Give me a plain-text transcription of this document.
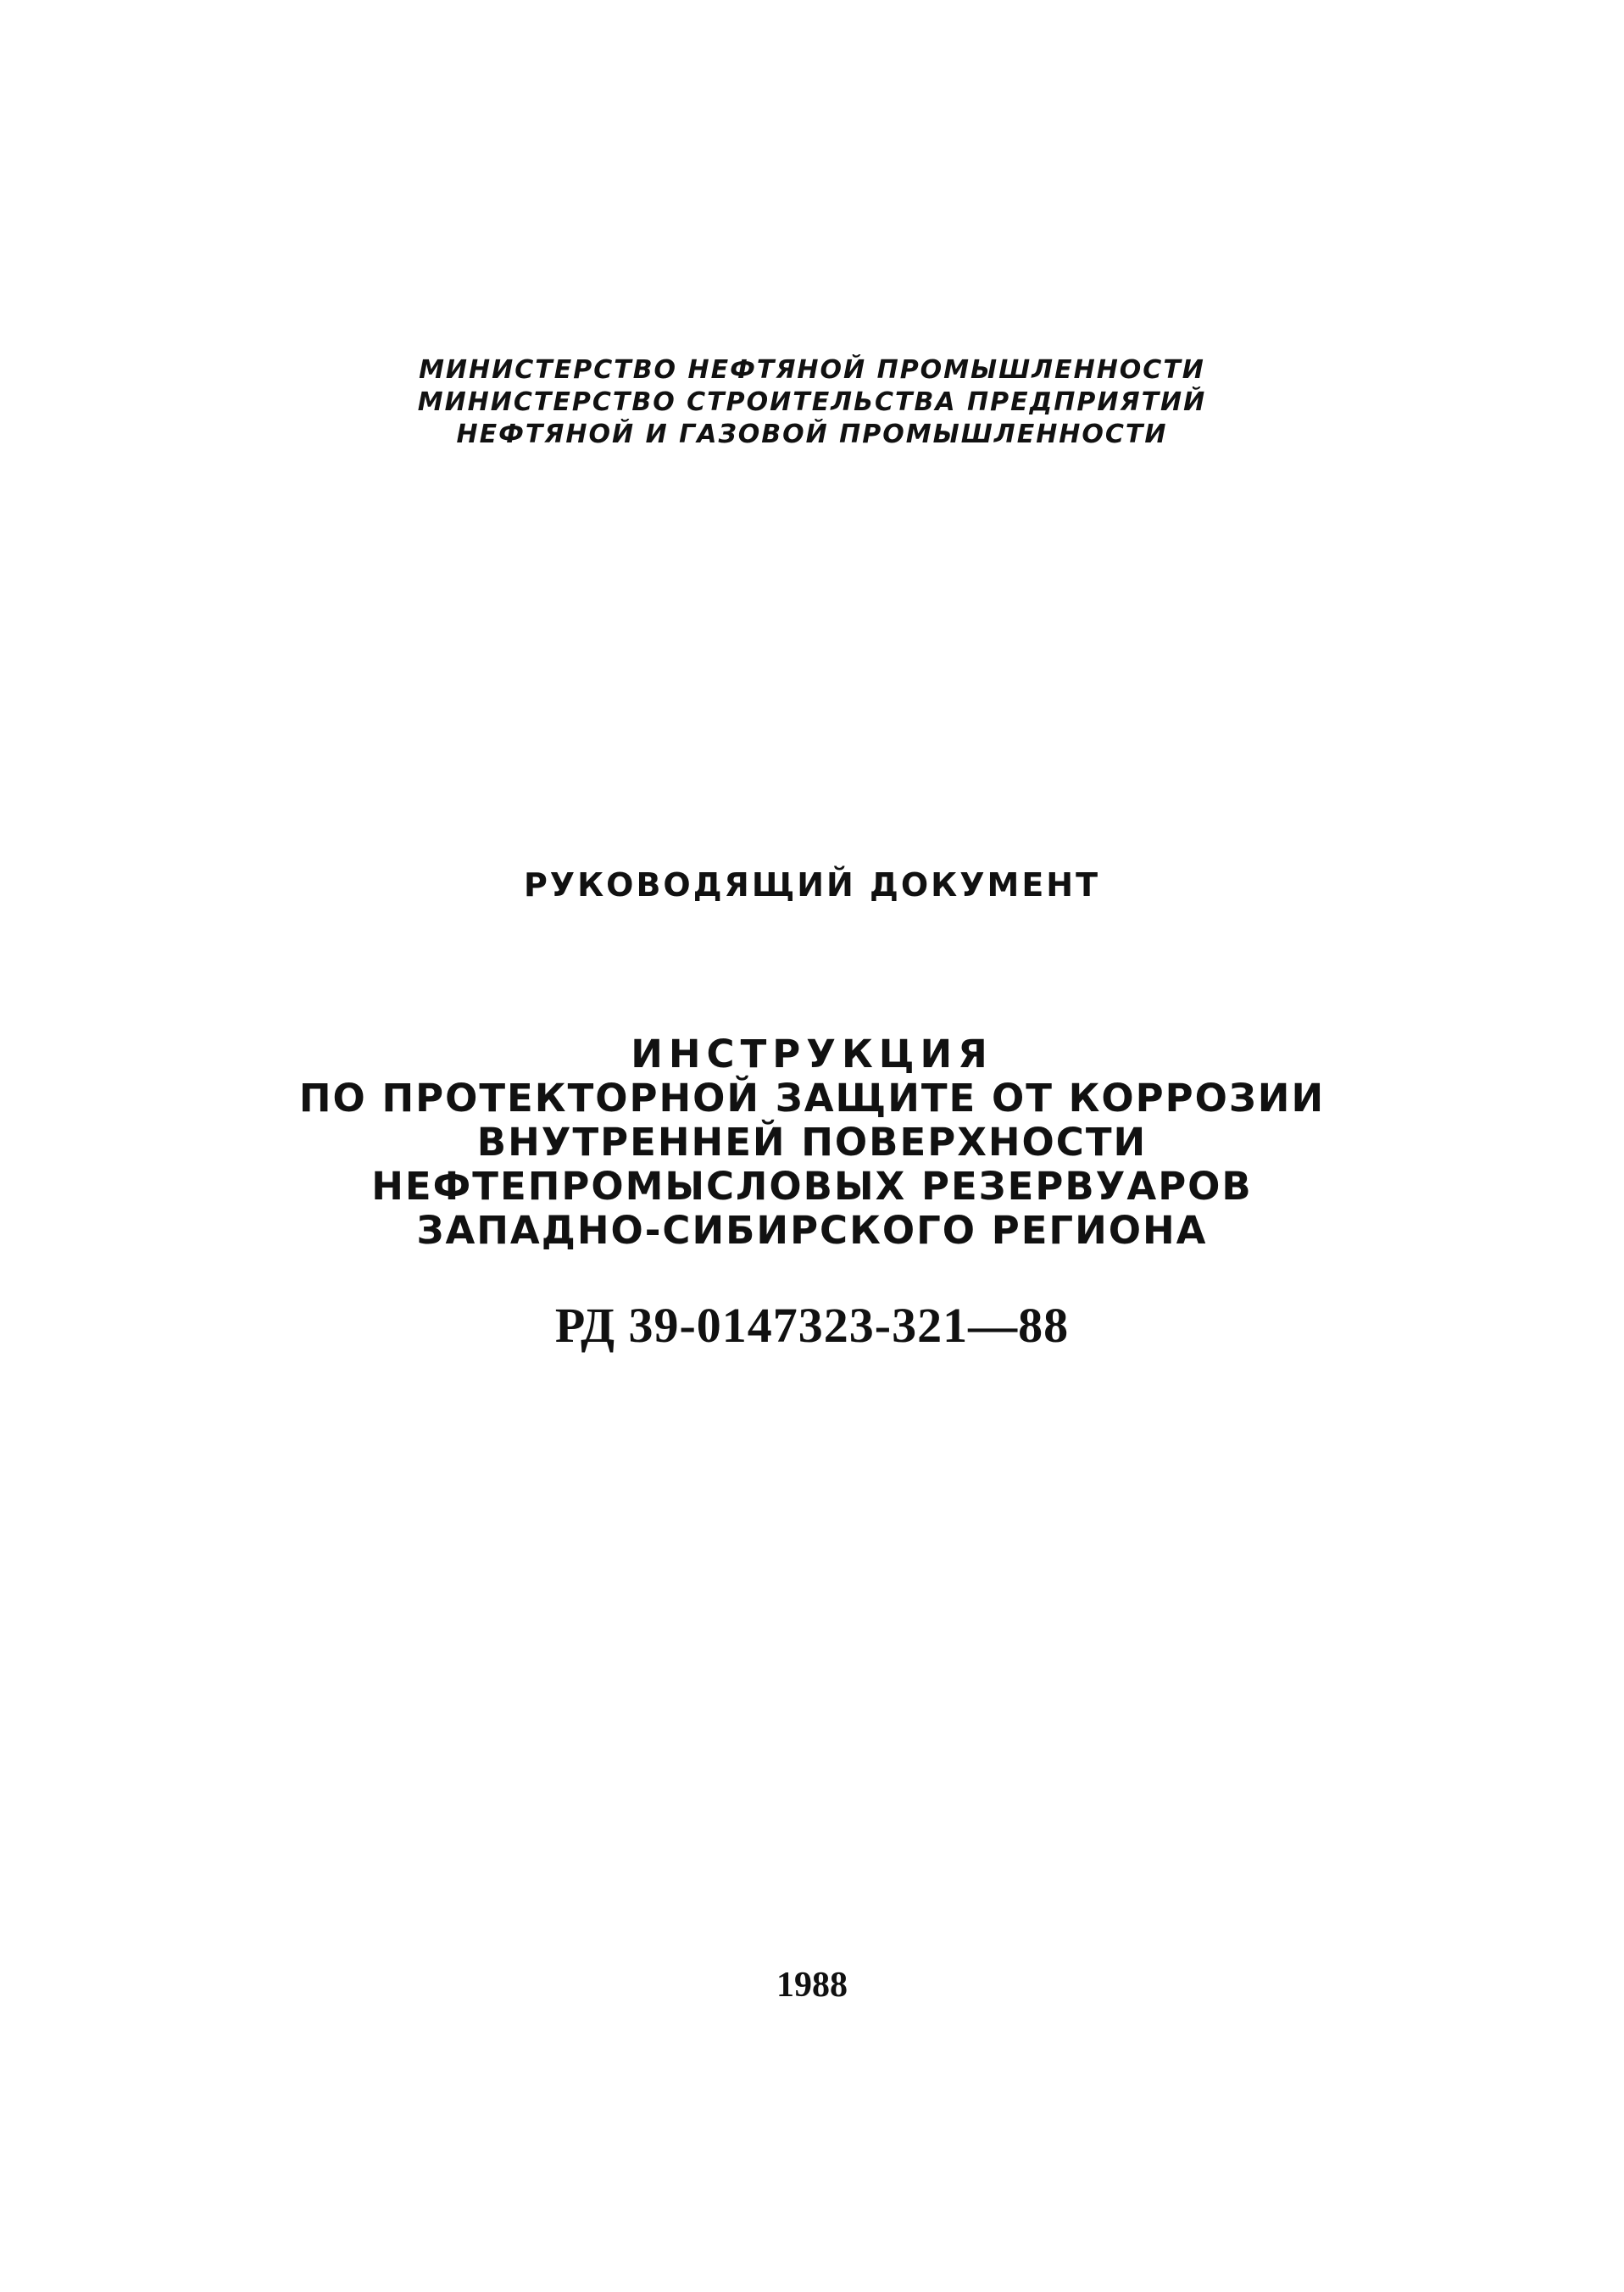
МИНИСТЕРСТВО НЕФТЯНОЙ ПРОМЫШЛЕННОСТИ
МИНИСТЕРСТВО СТРОИТЕЛЬСТВА ПРЕДПРИЯТИЙ
НЕФТЯНОЙ И ГАЗОВОЙ ПРОМЫШЛЕННОСТИ
РУКОВОДЯЩИЙ ДОКУМЕНТ
ИНСТРУКЦИЯ
ПО ПРОТЕКТОРНОЙ ЗАЩИТЕ ОТ КОРРОЗИИ
ВНУТРЕННЕЙ ПОВЕРХНОСТИ
НЕФТЕПРОМЫСЛОВЫХ РЕЗЕРВУАРОВ
ЗАПАДНО-СИБИРСКОГО РЕГИОНА
РД 39-0147323-321—88
1988
